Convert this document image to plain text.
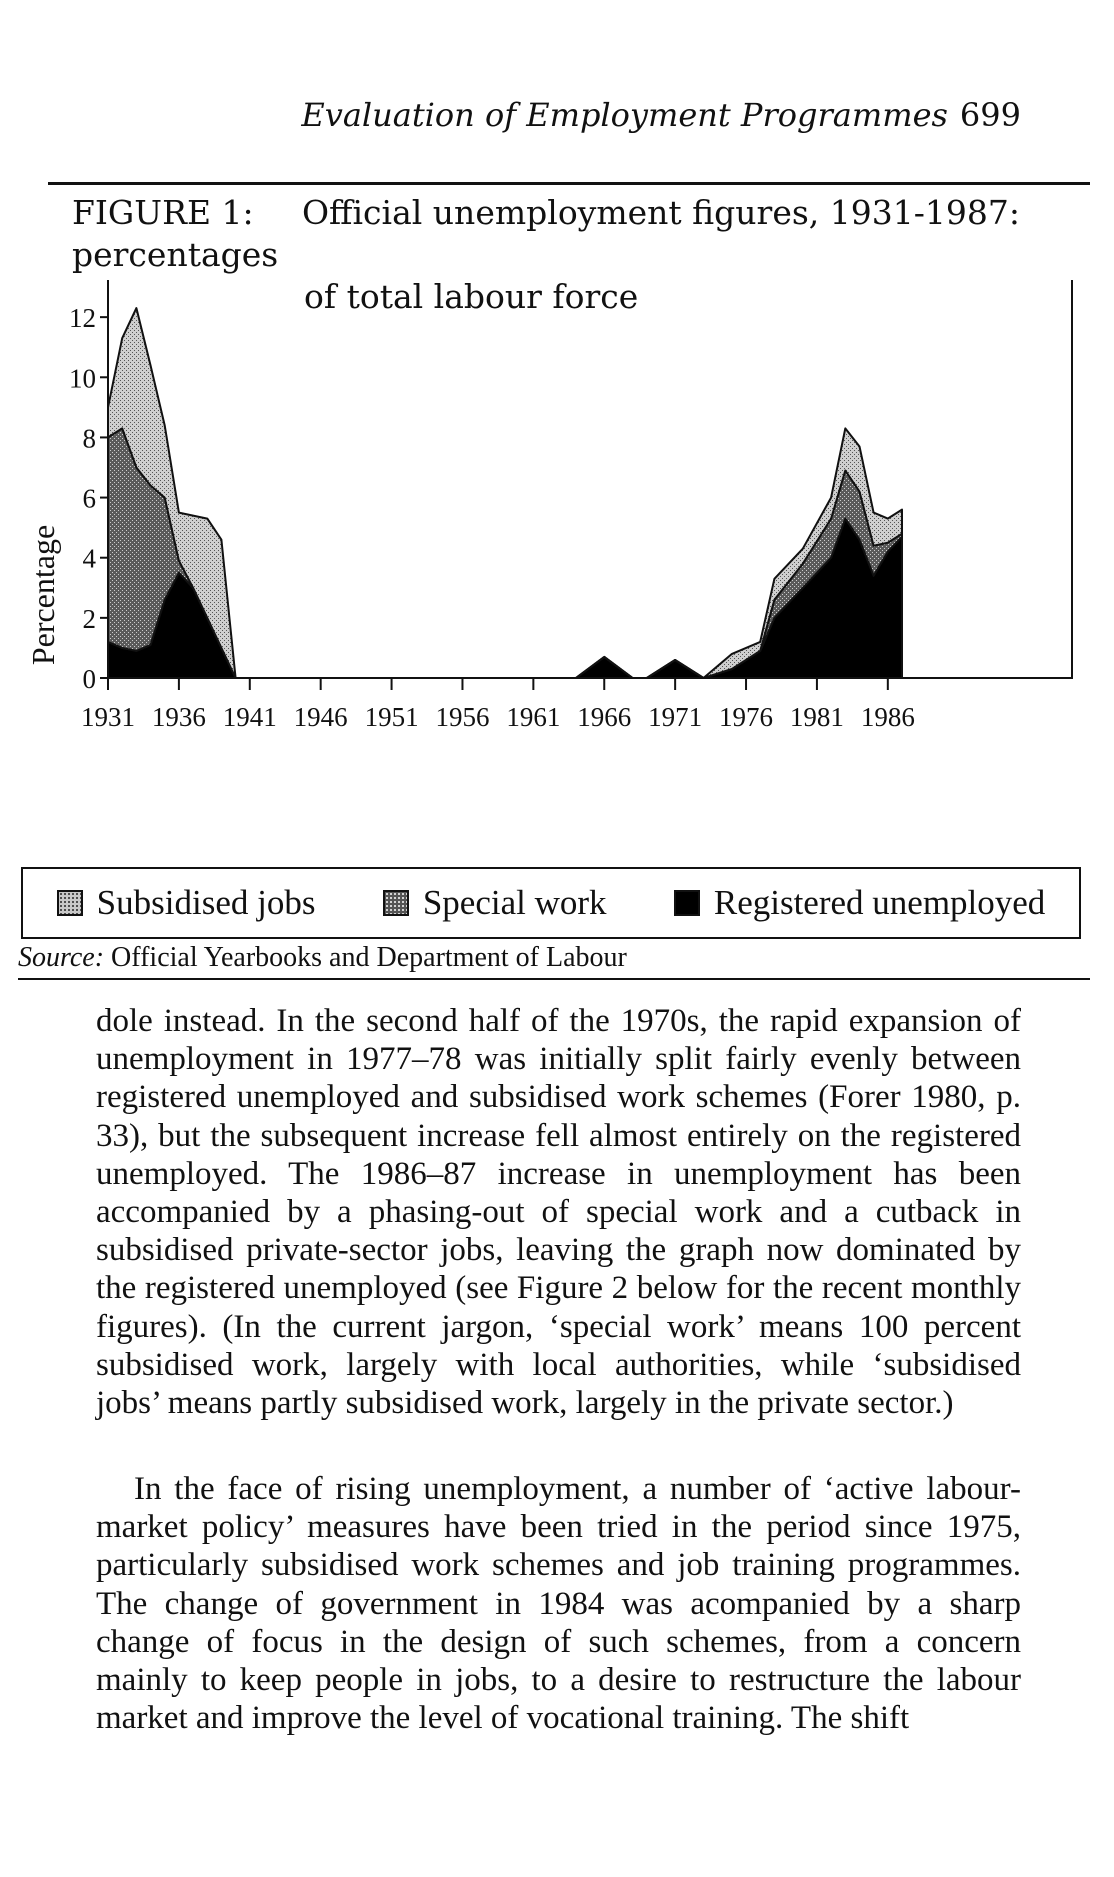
Evaluation of Employment Programmes 699
FIGURE 1: Official unemployment figures, 1931-1987: percentages
of total labour force
0
2
4
6
8
10
12
1931 1936 1941 1946 1951 1956 1961 1966 1971 1976 1981 1986
Percentage
Subsidised jobs	Special work	Registered unemployed
Source: Official Yearbooks and Department of Labour
dole instead. In the second half of the 1970s, the rapid expansion of unemployment in 1977–78 was initially split fairly evenly between registered unemployed and subsidised work schemes (Forer 1980, p. 33), but the subsequent increase fell almost entirely on the registered unemployed. The 1986–87 increase in unemployment has been accompanied by a phasing-out of special work and a cutback in subsidised private-sector jobs, leaving the graph now dominated by the registered unemployed (see Figure 2 below for the recent monthly figures). (In the current jargon, ‘special work’ means 100 percent subsidised work, largely with local authorities, while ‘subsidised jobs’ means partly subsidised work, largely in the private sector.)
In the face of rising unemployment, a number of ‘active labour-market policy’ measures have been tried in the period since 1975, particularly subsidised work schemes and job training programmes. The change of government in 1984 was acompanied by a sharp change of focus in the design of such schemes, from a concern mainly to keep people in jobs, to a desire to restructure the labour market and improve the level of vocational training. The shift
